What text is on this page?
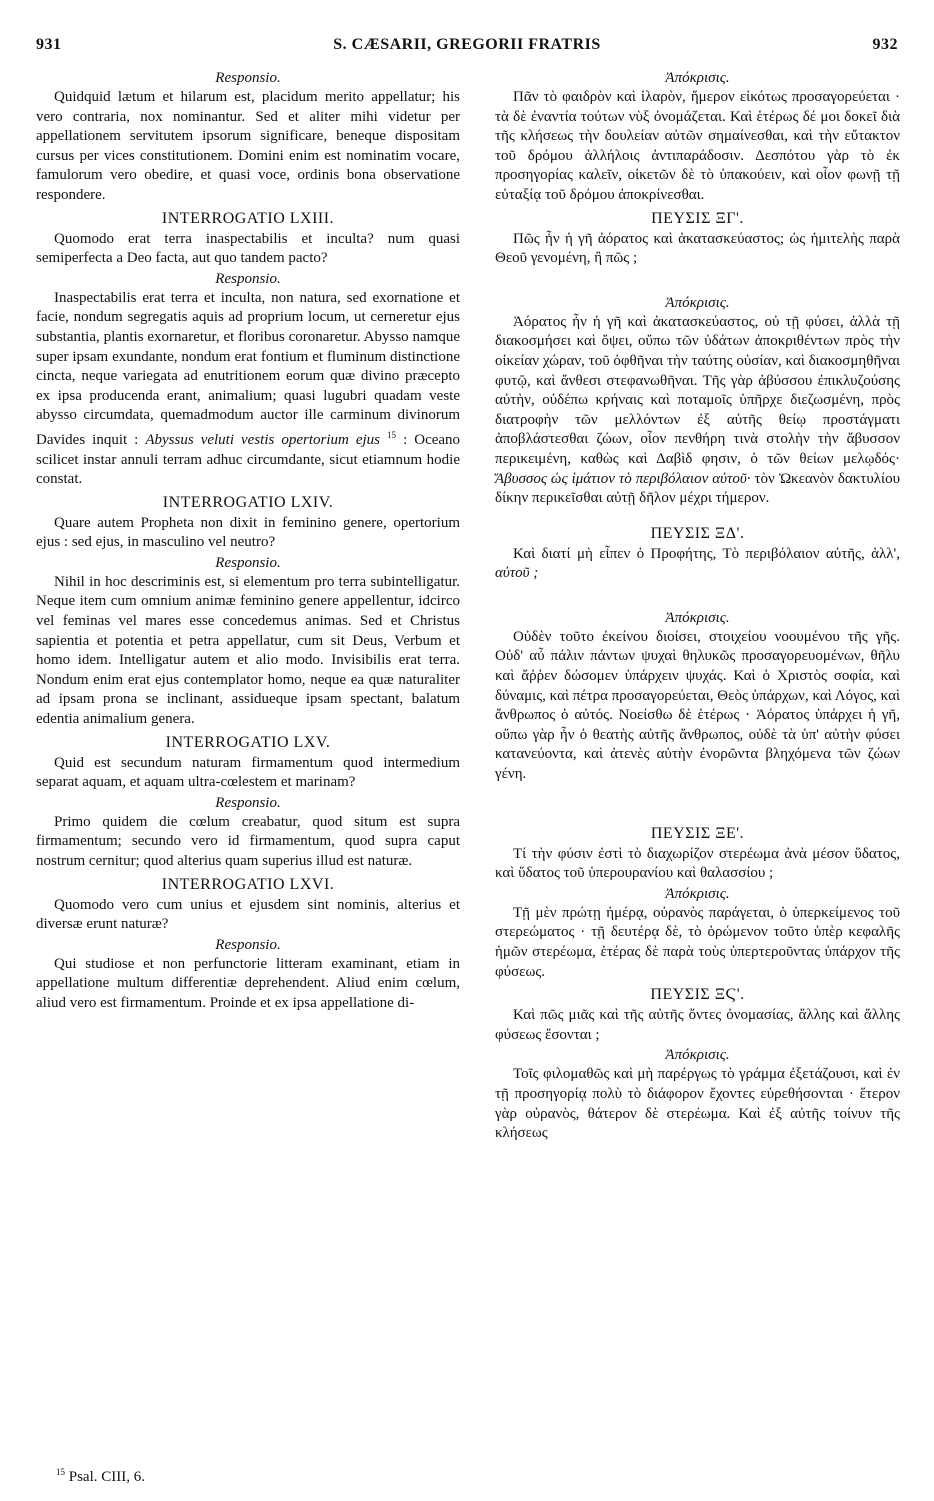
931	S. CÆSARII, GREGORII FRATRIS	932
Responsio.

Quidquid lætum et hilarum est, placidum merito appellatur; his vero contraria, nox nominantur. Sed et aliter mihi videtur per appellationem servitutem ipsorum significare, beneque dispositam cursus per vices constitutionem. Domini enim est nominatim vocare, famulorum vero obedire, et quasi voce, ordinis bona observatione respondere.

INTERROGATIO LXIII.

Quomodo erat terra inaspectabilis et inculta? num quasi semiperfecta a Deo facta, aut quo tandem pacto?

Responsio.

Inaspectabilis erat terra et inculta, non natura, sed exornatione et facie, nondum segregatis aquis ad proprium locum, ut cerneretur ejus substantia, plantis exornaretur, et floribus coronaretur. Abysso namque super ipsam exundante, nondum erat fontium et fluminum distinctione cincta, neque variegata ad enutritionem eorum quæ divino præcepto ex ipsa producenda erant, animalium; quasi lugubri quadam veste abysso circumdata, quemadmodum auctor ille carminum divinorum Davides inquit : Abyssus veluti vestis opertorium ejus $^{15}$ : Oceano scilicet instar annuli terram adhuc circumdante, sicut etiamnum hodie constat.

INTERROGATIO LXIV.

Quare autem Propheta non dixit in feminino genere, opertorium ejus : sed ejus, in masculino vel neutro?

Responsio.

Nihil in hoc descriminis est, si elementum pro terra subintelligatur. Neque item cum omnium animæ feminino genere appellentur, idcirco vel feminas vel mares esse concedemus animas. Sed et Christus sapientia et potentia et petra appellatur, cum sit Deus, Verbum et homo idem. Intelligatur autem et alio modo. Invisibilis erat terra. Nondum enim erat ejus contemplator homo, neque ea quæ naturaliter ad ipsam prona se inclinant, assidueque ipsam spectant, balatum edentia animalium genera.

INTERROGATIO LXV.

Quid est secundum naturam firmamentum quod intermedium separat aquam, et aquam ultra-cœlestem et marinam?

Responsio.

Primo quidem die cœlum creabatur, quod situm est supra firmamentum; secundo vero id firmamentum, quod supra caput nostrum cernitur; quod alterius quam superius illud est naturæ.

INTERROGATIO LXVI.

Quomodo vero cum unius et ejusdem sint nominis, alterius et diversæ erunt naturæ?

Responsio.

Qui studiose et non perfunctorie litteram examinant, etiam in appellatione multum differentiæ deprehendent. Aliud enim cœlum, aliud vero est firmamentum. Proinde et ex ipsa appellatione di-

Ἀπόκρισις.

Πᾶν τὸ φαιδρὸν καὶ ἱλαρὸν, ἥμερον εἰκότως προσαγορεύεται · τὰ δὲ ἐναντία τούτων νὺξ ὀνομάζεται. Καὶ ἑτέρως δέ μοι δοκεῖ διὰ τῆς κλήσεως τὴν δουλείαν αὐτῶν σημαίνεσθαι, καὶ τὴν εὔτακτον τοῦ δρόμου ἀλλήλοις ἀντιπαράδοσιν. Δεσπότου γὰρ τὸ ἐκ προσηγορίας καλεῖν, οἰκετῶν δὲ τὸ ὑπακούειν, καὶ οἷον φωνῇ τῇ εὐταξίᾳ τοῦ δρόμου ἀποκρίνεσθαι.

ΠΕΥΣΙΣ ΞΓ'.

Πῶς ἦν ἡ γῆ ἀόρατος καὶ ἀκατασκεύαστος; ὡς ἡμιτελὴς παρὰ Θεοῦ γενομένη, ἢ πῶς ;

Ἀπόκρισις.

Ἀόρατος ἦν ἡ γῆ καὶ ἀκατασκεύαστος, οὐ τῇ φύσει, ἀλλὰ τῇ διακοσμήσει καὶ ὄψει, οὔπω τῶν ὑδάτων ἀποκριθέντων πρὸς τὴν οἰκείαν χώραν, τοῦ ὀφθῆναι τὴν ταύτης οὐσίαν, καὶ διακοσμηθῆναι φυτῷ, καὶ ἄνθεσι στεφανωθῆναι. Τῆς γὰρ ἀβύσσου ἐπικλυζούσης αὐτὴν, οὐδέπω κρήναις καὶ ποταμοῖς ὑπῆρχε διεζωσμένη, πρὸς διατροφὴν τῶν μελλόντων ἐξ αὐτῆς θείῳ προστάγματι ἀποβλάστεσθαι ζώων, οἷον πενθήρη τινὰ στολὴν τὴν ἄβυσσον περικειμένη, καθὼς καὶ Δαβὶδ φησιν, ὁ τῶν θείων μελῳδός· Ἄβυσσος ὡς ἱμάτιον τὸ περιβόλαιον αὐτοῦ· τὸν Ὠκεανὸν δακτυλίου δίκην περικεῖσθαι αὐτῇ δῆλον μέχρι τήμερον.

ΠΕΥΣΙΣ ΞΔ'.

Καὶ διατί μὴ εἶπεν ὁ Προφήτης, Τὸ περιβόλαιον αὐτῆς, ἀλλ', αὐτοῦ ;

Ἀπόκρισις.

Οὐδὲν τοῦτο ἐκείνου διοίσει, στοιχείου νοουμένου τῆς γῆς. Οὐδ' αὖ πάλιν πάντων ψυχαὶ θηλυκῶς προσαγορευομένων, θῆλυ καὶ ἄῤῥεν δώσομεν ὑπάρχειν ψυχάς. Καὶ ὁ Χριστὸς σοφία, καὶ δύναμις, καὶ πέτρα προσαγορεύεται, Θεὸς ὑπάρχων, καὶ Λόγος, καὶ ἄνθρωπος ὁ αὐτός. Νοείσθω δὲ ἑτέρως · Ἀόρατος ὑπάρχει ἡ γῆ, οὔπω γὰρ ἦν ὁ θεατὴς αὐτῆς ἄνθρωπος, οὐδὲ τὰ ὑπ' αὐτὴν φύσει κατανεύοντα, καὶ ἀτενὲς αὐτὴν ἐνορῶντα βληχόμενα τῶν ζώων γένη.

ΠΕΥΣΙΣ ΞΕ'.

Τί τὴν φύσιν ἐστὶ τὸ διαχωρίζον στερέωμα ἀνὰ μέσον ὕδατος, καὶ ὕδατος τοῦ ὑπερουρανίου καὶ θαλασσίου ;

Ἀπόκρισις.

Τῇ μὲν πρώτῃ ἡμέρᾳ, οὐρανὸς παράγεται, ὁ ὑπερκείμενος τοῦ στερεώματος · τῇ δευτέρᾳ δὲ, τὸ ὁρώμενον τοῦτο ὑπὲρ κεφαλῆς ἡμῶν στερέωμα, ἑτέρας δὲ παρὰ τοὺς ὑπερτεροῦντας ὑπάρχον τῆς φύσεως.

ΠΕΥΣΙΣ ΞϚ'.

Καὶ πῶς μιᾶς καὶ τῆς αὐτῆς ὄντες ὀνομασίας, ἄλλης καὶ ἄλλης φύσεως ἔσονται ;

Ἀπόκρισις.

Τοῖς φιλομαθῶς καὶ μὴ παρέργως τὸ γράμμα ἐξετάζουσι, καὶ ἐν τῇ προσηγορίᾳ πολὺ τὸ διάφορον ἔχοντες εὑρεθήσονται · ἕτερον γὰρ οὐρανὸς, θάτερον δὲ στερέωμα. Καὶ ἐξ αὐτῆς τοίνυν τῆς κλήσεως

$^{15}$ Psal. CIII, 6.
